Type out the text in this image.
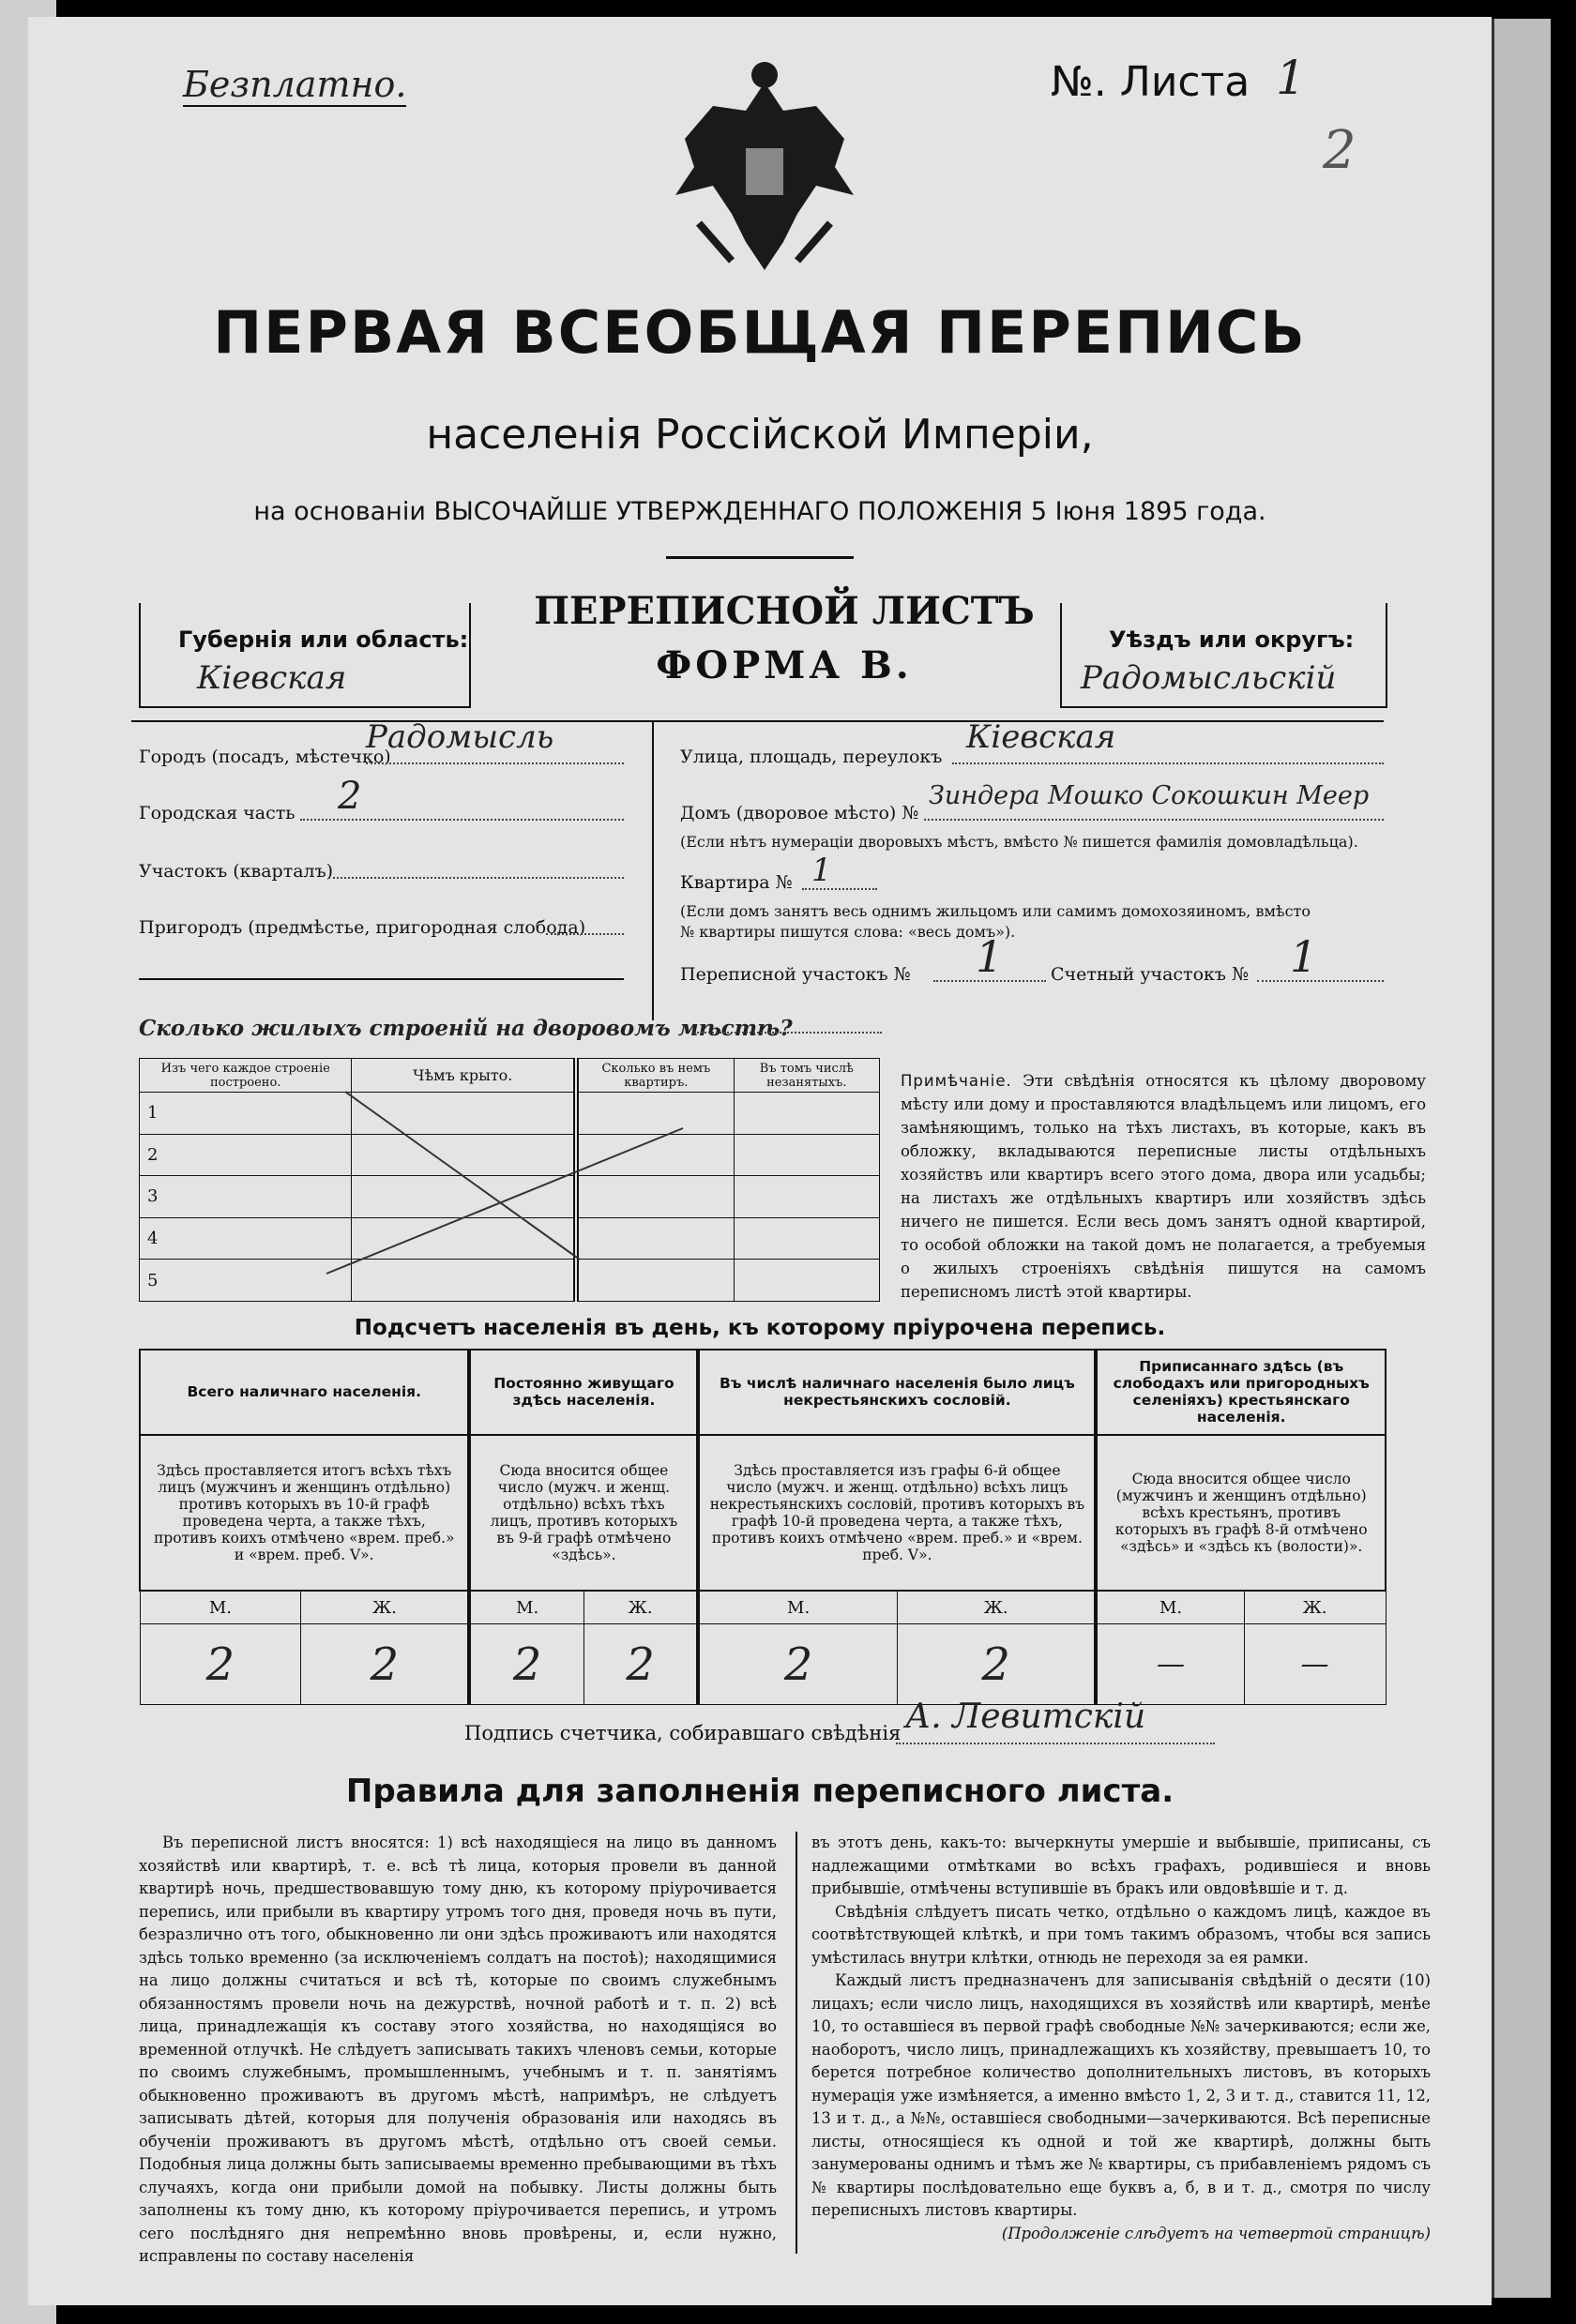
Безплатно.	№. Листа 1
2
ПЕРВАЯ ВСЕОБЩАЯ ПЕРЕПИСЬ
населенія Россійской Имперіи,
на основаніи ВЫСОЧАЙШЕ УТВЕРЖДЕННАГО ПОЛОЖЕНІЯ 5 Іюня 1895 года.
Губернія или область:
Кіевская
ПЕРЕПИСНОЙ ЛИСТЪ
ФОРМА В.
Уѣздъ или округъ:
Радомысльскій
Городъ (посадъ, мѣстечко)
Радомысль
Городская часть 2
Участокъ (кварталъ)
Пригородъ (предмѣстье, пригородная слобода)
Улица, площадь, переулокъ
Кіевская
Домъ (дворовое мѣсто) №
Зиндера Мошко Сокошкин Меер
(Если нѣтъ нумераціи дворовыхъ мѣстъ, вмѣсто № пишется фамилія домовладѣльца).
Квартира № 1
(Если домъ занятъ весь однимъ жильцомъ или самимъ домохозяиномъ, вмѣсто
№ квартиры пишутся слова: «весь домъ»).
Переписной участокъ № 1	Счетный участокъ № 1
Сколько жилыхъ строеній на дворовомъ мѣстѣ?
Изъ чего каждое строеніе построено.	Чѣмъ крыто.	Сколько въ немъ квартиръ.	Въ томъ числѣ незанятыхъ.
1			
2			
3			
4			
5			
Примѣчаніе. Эти свѣдѣнія относятся къ цѣлому дворовому мѣсту или дому и проставляются владѣльцемъ или лицомъ, его замѣняющимъ, только на тѣхъ листахъ, въ которые, какъ въ обложку, вкладываются переписные листы отдѣльныхъ хозяйствъ или квартиръ всего этого дома, двора или усадьбы; на листахъ же отдѣльныхъ квартиръ или хозяйствъ здѣсь ничего не пишется. Если весь домъ занятъ одной квартирой, то особой обложки на такой домъ не полагается, а требуемыя о жилыхъ строеніяхъ свѣдѣнія пишутся на самомъ переписномъ листѣ этой квартиры.
Подсчетъ населенія въ день, къ которому пріурочена перепись.
Всего наличнаго населенія.		Постоянно живущаго здѣсь населенія.		Въ числѣ наличнаго населенія было лицъ некрестьянскихъ сословій.		Приписаннаго здѣсь (въ слободахъ или пригородныхъ селеніяхъ) крестьянскаго населенія.	
Здѣсь проставляется итогъ всѣхъ тѣхъ лицъ (мужчинъ и женщинъ отдѣльно) противъ которыхъ въ 10-й графѣ проведена черта, а также тѣхъ, противъ коихъ отмѣчено «врем. преб.» и «врем. преб. V».		Сюда вносится общее число (мужч. и женщ. отдѣльно) всѣхъ тѣхъ лицъ, противъ которыхъ въ 9-й графѣ отмѣчено «здѣсь».		Здѣсь проставляется изъ графы 6-й общее число (мужч. и женщ. отдѣльно) всѣхъ лицъ некрестьянскихъ сословій, противъ которыхъ въ графѣ 10-й проведена черта, а также тѣхъ, противъ коихъ отмѣчено «врем. преб.» и «врем. преб. V».		Сюда вносится общее число (мужчинъ и женщинъ отдѣльно) всѣхъ крестьянъ, противъ которыхъ въ графѣ 8-й отмѣчено «здѣсь» и «здѣсь къ (волости)».	
М.	Ж.	М.	Ж.	М.	Ж.	М.	Ж.
2	2	2	2	2	2	—	—
Подпись счетчика, собиравшаго свѣдѣнія А. Левитскій
Правила для заполненія переписного листа.

Въ переписной листъ вносятся: 1) всѣ находящіеся на лицо въ данномъ хозяйствѣ или квартирѣ, т. е. всѣ тѣ лица, которыя провели въ данной квартирѣ ночь, предшествовавшую тому дню, къ которому пріурочивается перепись, или прибыли въ квартиру утромъ того дня, проведя ночь въ пути, безразлично отъ того, обыкновенно ли они здѣсь проживаютъ или находятся здѣсь только временно (за исключеніемъ солдатъ на постоѣ); находящимися на лицо должны считаться и всѣ тѣ, которые по своимъ служебнымъ обязанностямъ провели ночь на дежурствѣ, ночной работѣ и т. п. 2) всѣ лица, принадлежащія къ составу этого хозяйства, но находящіяся во временной отлучкѣ. Не слѣдуетъ записывать такихъ членовъ семьи, которые по своимъ служебнымъ, промышленнымъ, учебнымъ и т. п. занятіямъ обыкновенно проживаютъ въ другомъ мѣстѣ, напримѣръ, не слѣдуетъ записывать дѣтей, которыя для полученія образованія или находясь въ обученіи проживаютъ въ другомъ мѣстѣ, отдѣльно отъ своей семьи. Подобныя лица должны быть записываемы временно пребывающими въ тѣхъ случаяхъ, когда они прибыли домой на побывку. Листы должны быть заполнены къ тому дню, къ которому пріурочивается перепись, и утромъ сего послѣдняго дня непремѣнно вновь провѣрены, и, если нужно, исправлены по составу населенія

въ этотъ день, какъ-то: вычеркнуты умершіе и выбывшіе, приписаны, съ надлежащими отмѣтками во всѣхъ графахъ, родившіеся и вновь прибывшіе, отмѣчены вступившіе въ бракъ или овдовѣвшіе и т. д.

Свѣдѣнія слѣдуетъ писать четко, отдѣльно о каждомъ лицѣ, каждое въ соотвѣтствующей клѣткѣ, и при томъ такимъ образомъ, чтобы вся запись умѣстилась внутри клѣтки, отнюдь не переходя за ея рамки.

Каждый листъ предназначенъ для записыванія свѣдѣній о десяти (10) лицахъ; если число лицъ, находящихся въ хозяйствѣ или квартирѣ, менѣе 10, то оставшіеся въ первой графѣ свободные №№ зачеркиваются; если же, наоборотъ, число лицъ, принадлежащихъ къ хозяйству, превышаетъ 10, то берется потребное количество дополнительныхъ листовъ, въ которыхъ нумерація уже измѣняется, а именно вмѣсто 1, 2, 3 и т. д., ставится 11, 12, 13 и т. д., а №№, оставшіеся свободными—зачеркиваются. Всѣ переписные листы, относящіеся къ одной и той же квартирѣ, должны быть занумерованы однимъ и тѣмъ же № квартиры, съ прибавленіемъ рядомъ съ № квартиры послѣдовательно еще буквъ а, б, в и т. д., смотря по числу переписныхъ листовъ квартиры.

(Продолженіе слѣдуетъ на четвертой страницѣ)
